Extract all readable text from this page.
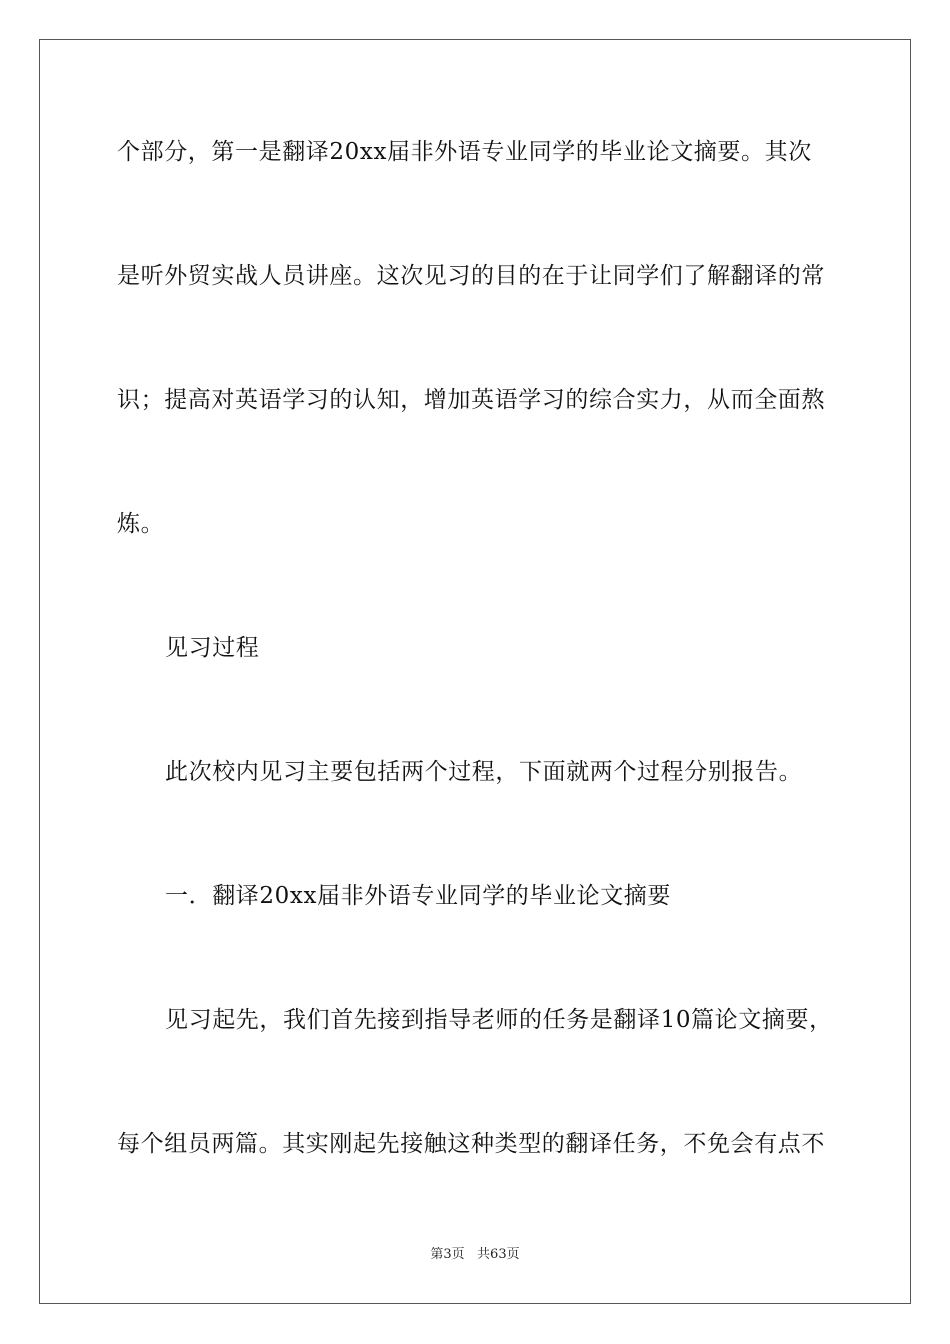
个部分，第一是翻译20xx届非外语专业同学的毕业论文摘要。其次
是听外贸实战人员讲座。这次见习的目的在于让同学们了解翻译的常
识；提高对英语学习的认知，增加英语学习的综合实力，从而全面熬
炼。
见习过程
此次校内见习主要包括两个过程，下面就两个过程分别报告。
一．翻译20xx届非外语专业同学的毕业论文摘要
见习起先，我们首先接到指导老师的任务是翻译10篇论文摘要，
每个组员两篇。其实刚起先接触这种类型的翻译任务，不免会有点不
第3页   共63页
